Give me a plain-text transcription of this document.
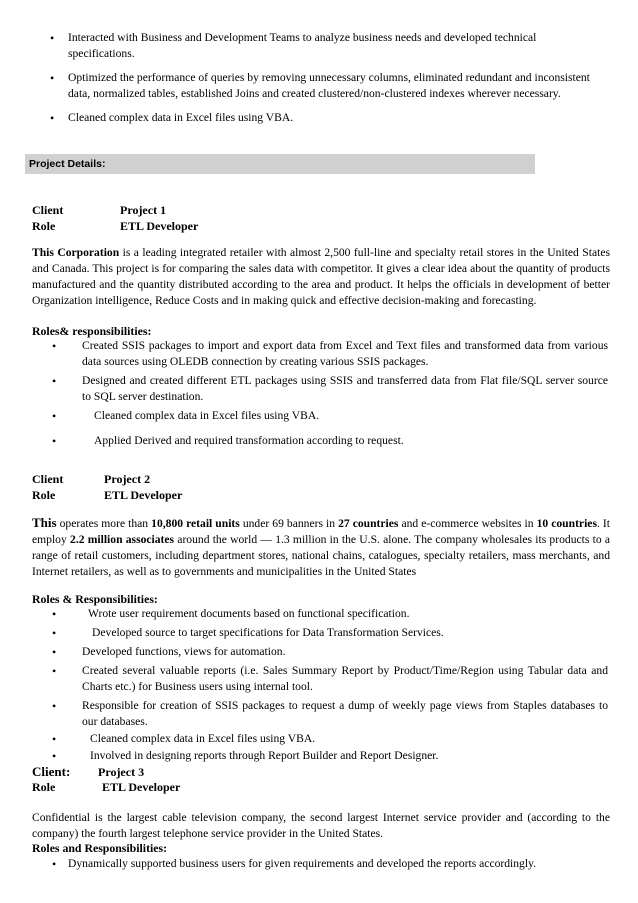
• Interacted with Business and Development Teams to analyze business needs and developed technical specifications.
• Optimized the performance of queries by removing unnecessary columns, eliminated redundant and inconsistent data, normalized tables, established Joins and created clustered/non-clustered indexes wherever necessary.
• Cleaned complex data in Excel files using VBA.
Project Details:
Client	Project 1
Role	ETL Developer
This Corporation is a leading integrated retailer with almost 2,500 full-line and specialty retail stores in the United States and Canada. This project is for comparing the sales data with competitor. It gives a clear idea about the quantity of products manufactured and the quantity distributed according to the area and product. It helps the officials in development of better Organization intelligence, Reduce Costs and in making quick and effective decision-making and forecasting.
Roles& responsibilities:
• Created SSIS packages to import and export data from Excel and Text files and transformed data from various data sources using OLEDB connection by creating various SSIS packages.
• Designed and created different ETL packages using SSIS and transferred data from Flat file/SQL server source to SQL server destination.
•	Cleaned complex data in Excel files using VBA.
•	Applied Derived and required transformation according to request.
Client	Project 2
Role	ETL Developer
This operates more than 10,800 retail units under 69 banners in 27 countries and e-commerce websites in 10 countries. It employ 2.2 million associates around the world — 1.3 million in the U.S. alone. The company wholesales its products to a range of retail customers, including department stores, national chains, catalogues, specialty retailers, mass merchants, and Internet retailers, as well as to governments and municipalities in the United States
Roles & Responsibilities:
•	Wrote user requirement documents based on functional specification.
•	Developed source to target specifications for Data Transformation Services.
• Developed functions, views for automation.
• Created several valuable reports (i.e. Sales Summary Report by Product/Time/Region using Tabular data and Charts etc.) for Business users using internal tool.
• Responsible for creation of SSIS packages to request a dump of weekly page views from Staples databases to our databases.
•	Cleaned complex data in Excel files using VBA.
•	Involved in designing reports through Report Builder and Report Designer.
Client: Project 3
Role	ETL Developer
Confidential is the largest cable television company, the second largest Internet service provider and (according to the company) the fourth largest telephone service provider in the United States.
Roles and Responsibilities:
• Dynamically supported business users for given requirements and developed the reports accordingly.
